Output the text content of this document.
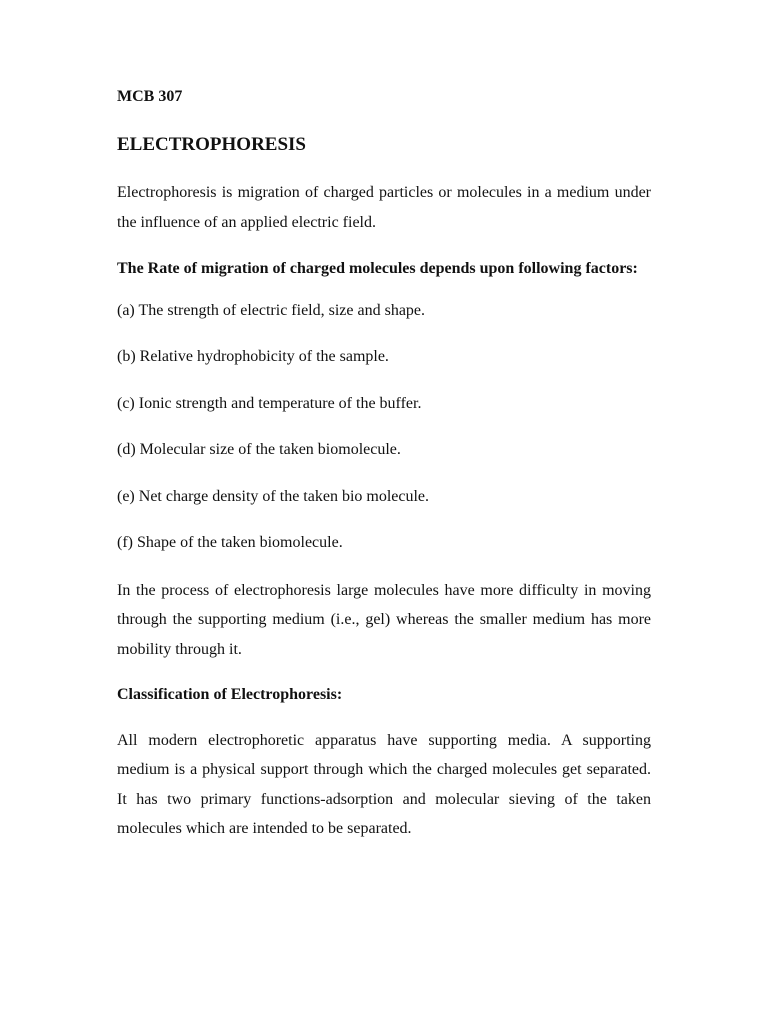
MCB 307

ELECTROPHORESIS

Electrophoresis is migration of charged particles or molecules in a medium under the influence of an applied electric field.

The Rate of migration of charged molecules depends upon following factors:

(a) The strength of electric field, size and shape.
(b) Relative hydrophobicity of the sample.
(c) Ionic strength and temperature of the buffer.
(d) Molecular size of the taken biomolecule.
(e) Net charge density of the taken bio molecule.
(f) Shape of the taken biomolecule.

In the process of electrophoresis large molecules have more difficulty in moving through the supporting medium (i.e., gel) whereas the smaller medium has more mobility through it.

Classification of Electrophoresis:

All modern electrophoretic apparatus have supporting media. A supporting medium is a physical support through which the charged molecules get separated. It has two primary functions-adsorption and molecular sieving of the taken molecules which are intended to be separated.
